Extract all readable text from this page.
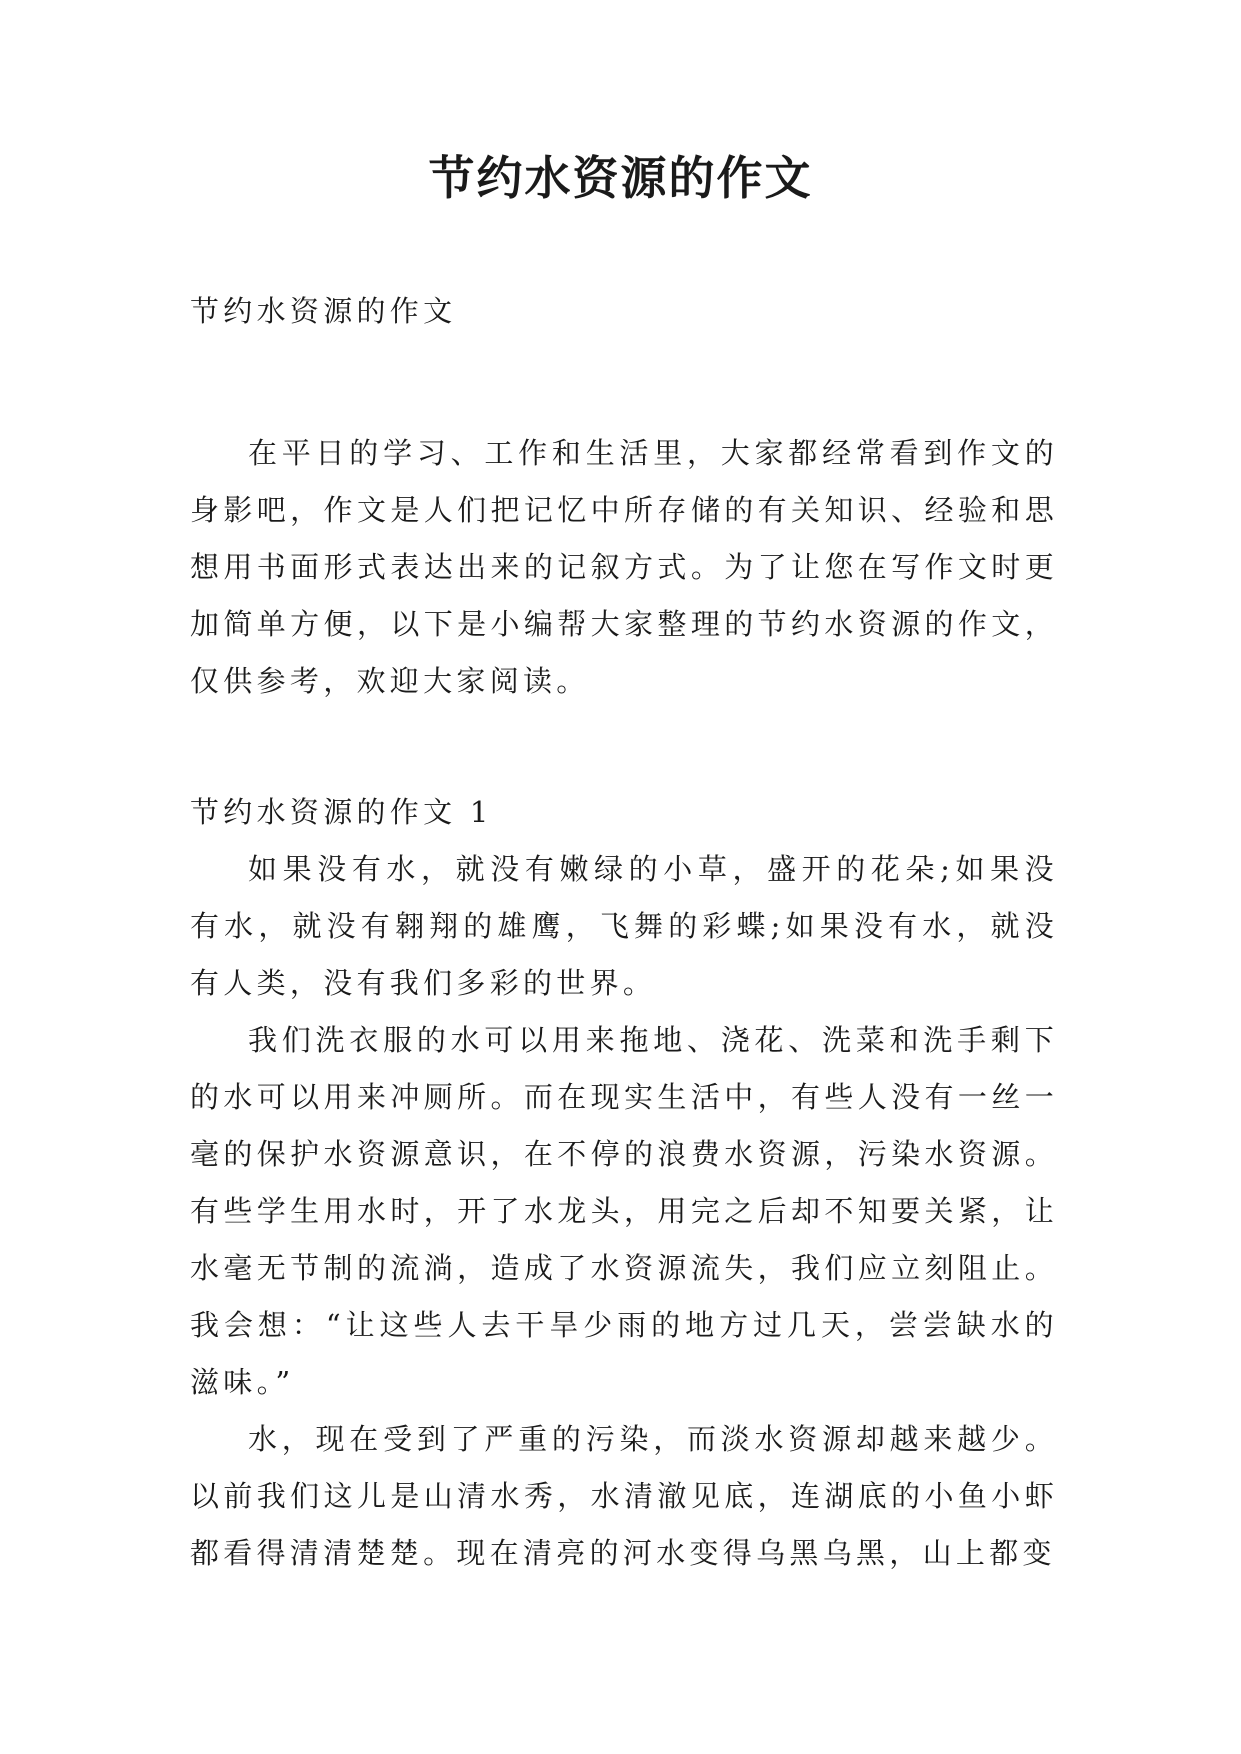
节约水资源的作文

节约水资源的作文

在平日的学习、工作和生活里，大家都经常看到作文的身影吧，作文是人们把记忆中所存储的有关知识、经验和思想用书面形式表达出来的记叙方式。为了让您在写作文时更加简单方便，以下是小编帮大家整理的节约水资源的作文，仅供参考，欢迎大家阅读。

节约水资源的作文 1

如果没有水，就没有嫩绿的小草，盛开的花朵;如果没有水，就没有翱翔的雄鹰，飞舞的彩蝶;如果没有水，就没有人类，没有我们多彩的世界。

我们洗衣服的水可以用来拖地、浇花、洗菜和洗手剩下的水可以用来冲厕所。而在现实生活中，有些人没有一丝一毫的保护水资源意识，在不停的浪费水资源，污染水资源。有些学生用水时，开了水龙头，用完之后却不知要关紧，让水毫无节制的流淌，造成了水资源流失，我们应立刻阻止。我会想：“让这些人去干旱少雨的地方过几天，尝尝缺水的滋味。”

水，现在受到了严重的污染，而淡水资源却越来越少。以前我们这儿是山清水秀，水清澈见底，连湖底的小鱼小虾都看得清清楚楚。现在清亮的河水变得乌黑乌黑，山上都变
